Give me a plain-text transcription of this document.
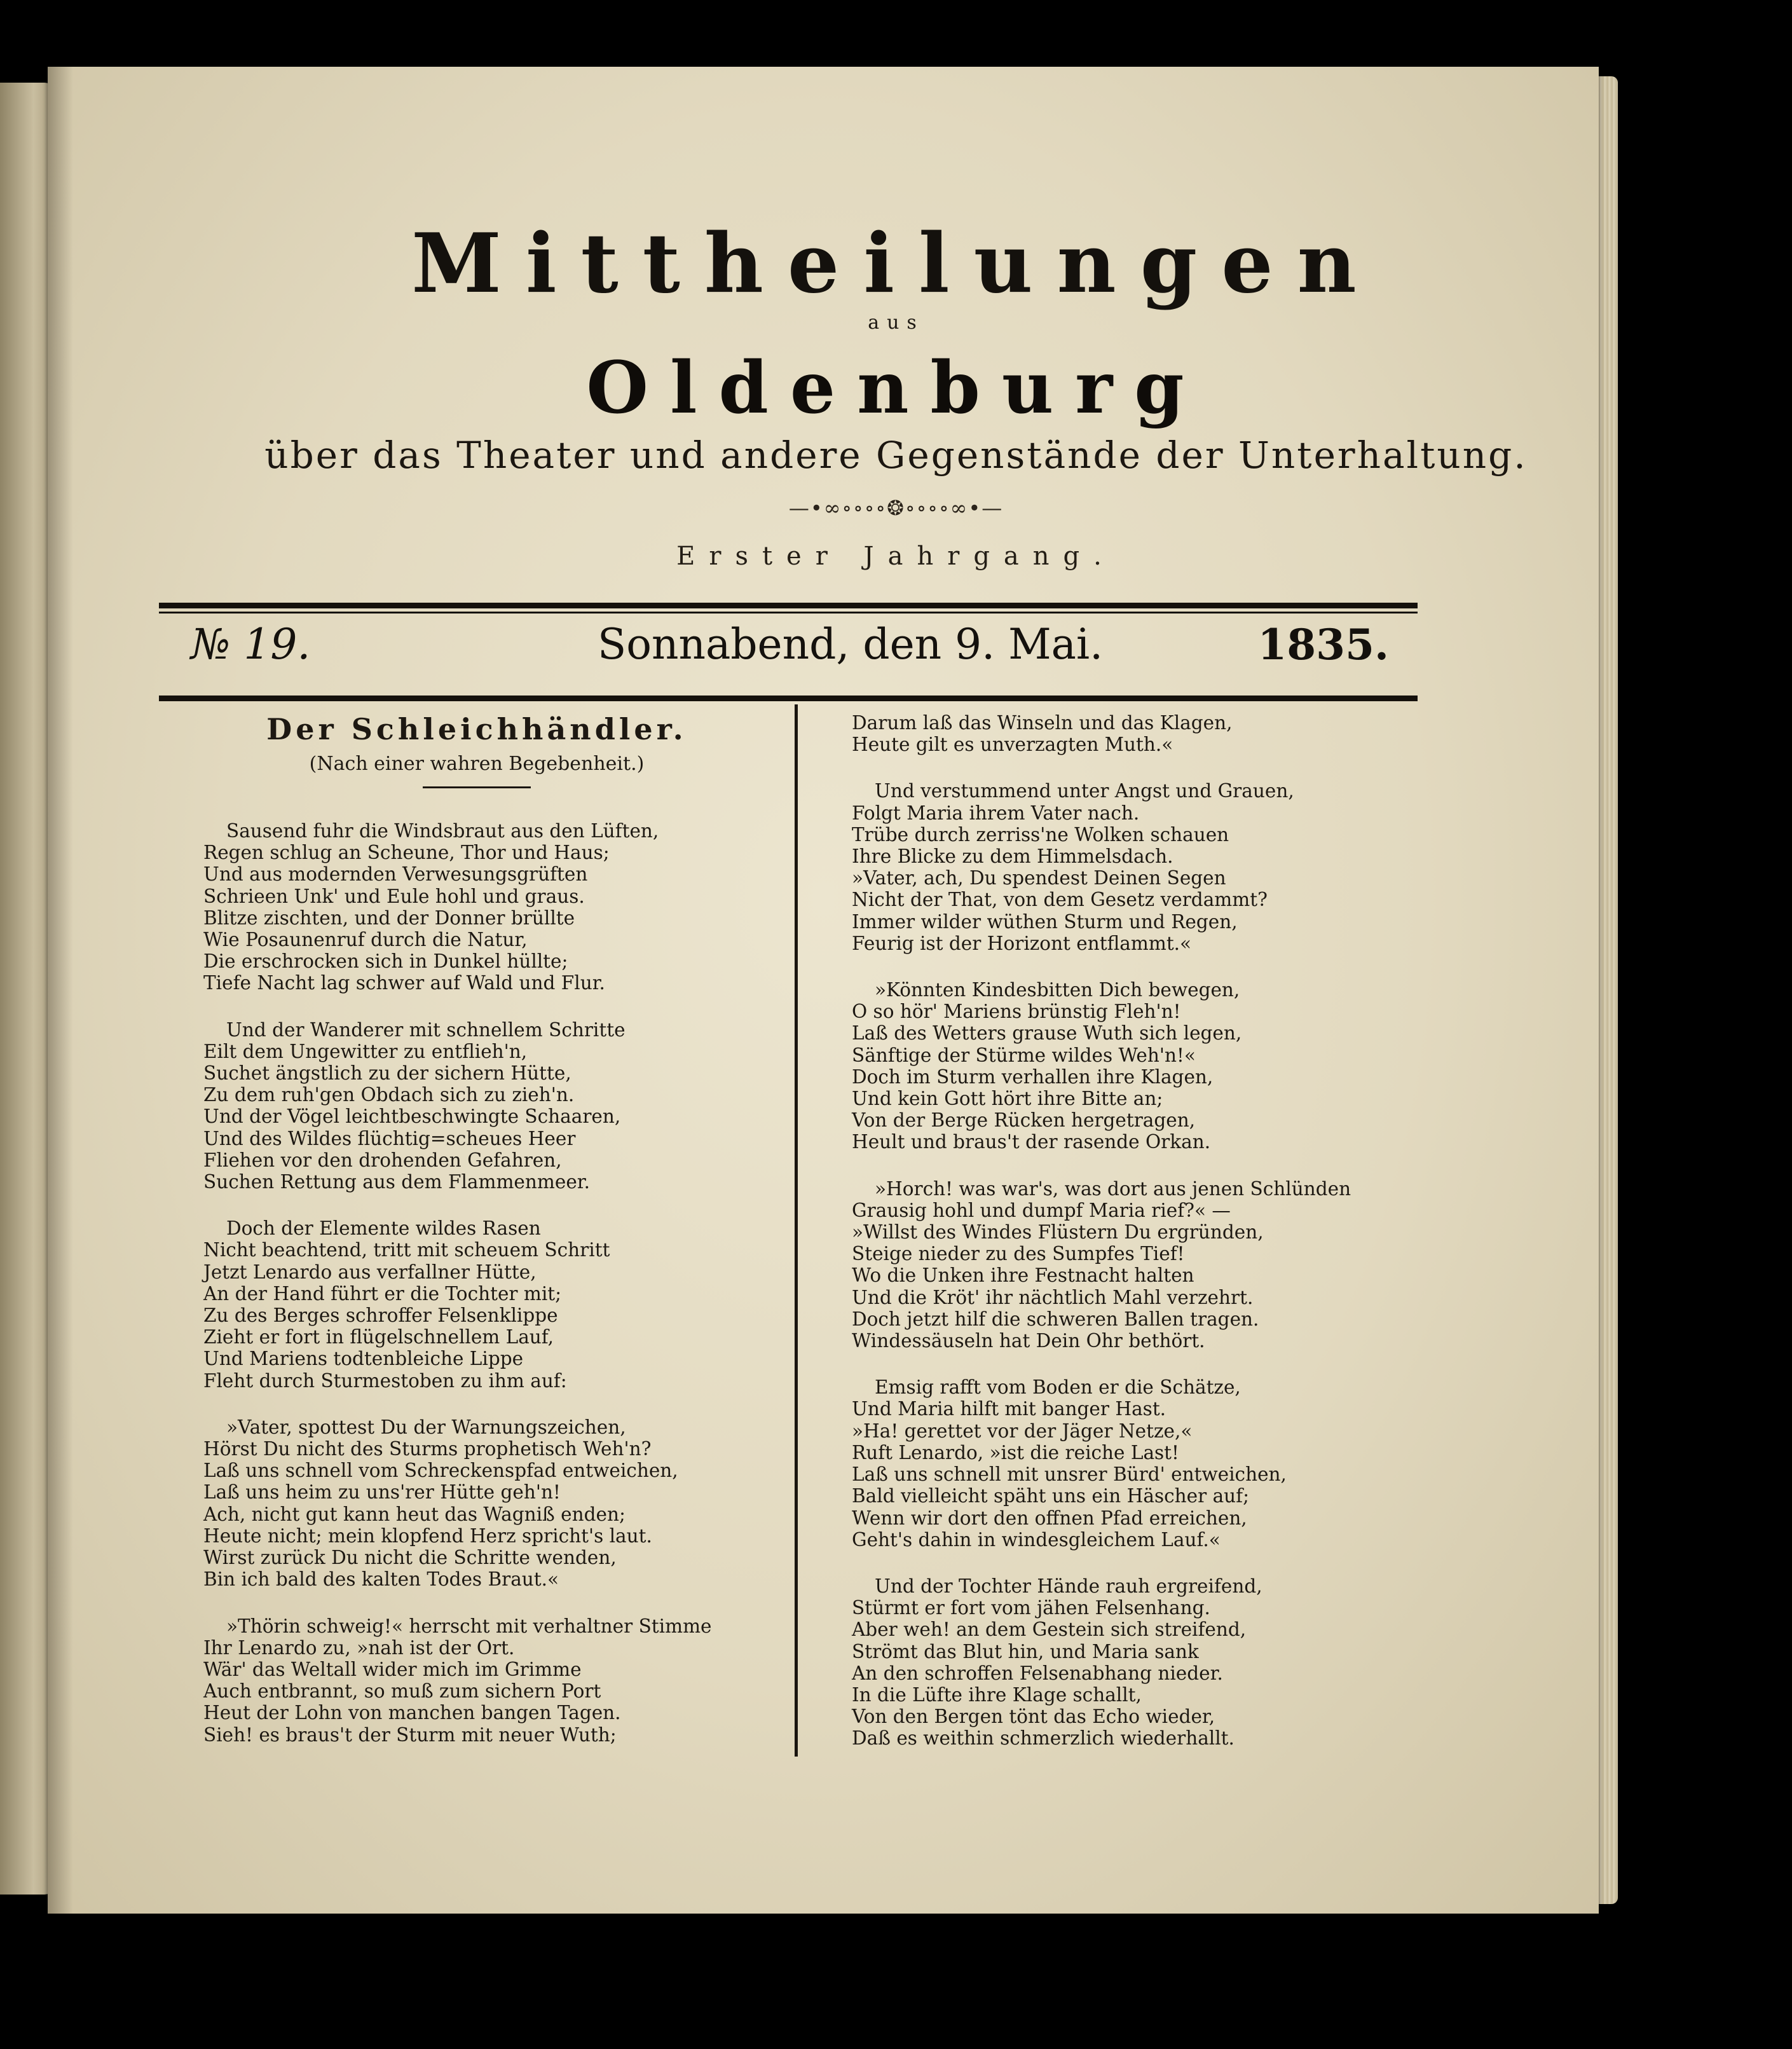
Mittheilungen
aus
Oldenburg
über das Theater und andere Gegenstände der Unterhaltung.
—•∞∘∘∘∘❂∘∘∘∘∞•—
Erster Jahrgang.
№ 19.	Sonnabend, den 9. Mai.	1835.
Der Schleichhändler.
(Nach einer wahren Begebenheit.)
Sausend fuhr die Windsbraut aus den Lüften,
Regen schlug an Scheune, Thor und Haus;
Und aus modernden Verwesungsgrüften
Schrieen Unk' und Eule hohl und graus.
Blitze zischten, und der Donner brüllte
Wie Posaunenruf durch die Natur,
Die erschrocken sich in Dunkel hüllte;
Tiefe Nacht lag schwer auf Wald und Flur.
Und der Wanderer mit schnellem Schritte
Eilt dem Ungewitter zu entflieh'n,
Suchet ängstlich zu der sichern Hütte,
Zu dem ruh'gen Obdach sich zu zieh'n.
Und der Vögel leichtbeschwingte Schaaren,
Und des Wildes flüchtig=scheues Heer
Fliehen vor den drohenden Gefahren,
Suchen Rettung aus dem Flammenmeer.
Doch der Elemente wildes Rasen
Nicht beachtend, tritt mit scheuem Schritt
Jetzt Lenardo aus verfallner Hütte,
An der Hand führt er die Tochter mit;
Zu des Berges schroffer Felsenklippe
Zieht er fort in flügelschnellem Lauf,
Und Mariens todtenbleiche Lippe
Fleht durch Sturmestoben zu ihm auf:
»Vater, spottest Du der Warnungszeichen,
Hörst Du nicht des Sturms prophetisch Weh'n?
Laß uns schnell vom Schreckenspfad entweichen,
Laß uns heim zu uns'rer Hütte geh'n!
Ach, nicht gut kann heut das Wagniß enden;
Heute nicht; mein klopfend Herz spricht's laut.
Wirst zurück Du nicht die Schritte wenden,
Bin ich bald des kalten Todes Braut.«
»Thörin schweig!« herrscht mit verhaltner Stimme
Ihr Lenardo zu, »nah ist der Ort.
Wär' das Weltall wider mich im Grimme
Auch entbrannt, so muß zum sichern Port
Heut der Lohn von manchen bangen Tagen.
Sieh! es braus't der Sturm mit neuer Wuth;
Darum laß das Winseln und das Klagen,
Heute gilt es unverzagten Muth.«
Und verstummend unter Angst und Grauen,
Folgt Maria ihrem Vater nach.
Trübe durch zerriss'ne Wolken schauen
Ihre Blicke zu dem Himmelsdach.
»Vater, ach, Du spendest Deinen Segen
Nicht der That, von dem Gesetz verdammt?
Immer wilder wüthen Sturm und Regen,
Feurig ist der Horizont entflammt.«
»Könnten Kindesbitten Dich bewegen,
O so hör' Mariens brünstig Fleh'n!
Laß des Wetters grause Wuth sich legen,
Sänftige der Stürme wildes Weh'n!«
Doch im Sturm verhallen ihre Klagen,
Und kein Gott hört ihre Bitte an;
Von der Berge Rücken hergetragen,
Heult und braus't der rasende Orkan.
»Horch! was war's, was dort aus jenen Schlünden
Grausig hohl und dumpf Maria rief?« —
»Willst des Windes Flüstern Du ergründen,
Steige nieder zu des Sumpfes Tief!
Wo die Unken ihre Festnacht halten
Und die Kröt' ihr nächtlich Mahl verzehrt.
Doch jetzt hilf die schweren Ballen tragen.
Windessäuseln hat Dein Ohr bethört.
Emsig rafft vom Boden er die Schätze,
Und Maria hilft mit banger Hast.
»Ha! gerettet vor der Jäger Netze,«
Ruft Lenardo, »ist die reiche Last!
Laß uns schnell mit unsrer Bürd' entweichen,
Bald vielleicht späht uns ein Häscher auf;
Wenn wir dort den offnen Pfad erreichen,
Geht's dahin in windesgleichem Lauf.«
Und der Tochter Hände rauh ergreifend,
Stürmt er fort vom jähen Felsenhang.
Aber weh! an dem Gestein sich streifend,
Strömt das Blut hin, und Maria sank
An den schroffen Felsenabhang nieder.
In die Lüfte ihre Klage schallt,
Von den Bergen tönt das Echo wieder,
Daß es weithin schmerzlich wiederhallt.
